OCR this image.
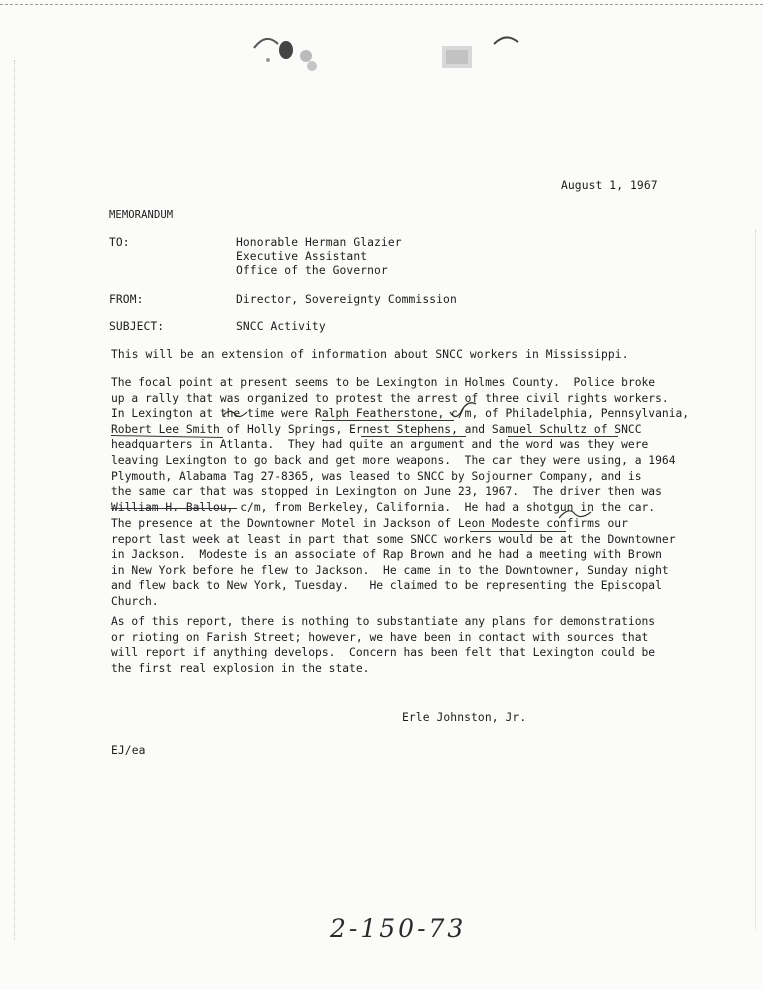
August 1, 1967
MEMORANDUM
TO:	Honorable Herman Glazier
Executive Assistant
Office of the Governor
FROM:	Director, Sovereignty Commission
SUBJECT:	SNCC Activity
This will be an extension of information about SNCC workers in Mississippi.
The focal point at present seems to be Lexington in Holmes County.  Police broke
up a rally that was organized to protest the arrest of three civil rights workers.
In Lexington at the time were Ralph Featherstone, c/m, of Philadelphia, Pennsylvania,
Robert Lee Smith of Holly Springs, Ernest Stephens, and Samuel Schultz of SNCC
headquarters in Atlanta.  They had quite an argument and the word was they were
leaving Lexington to go back and get more weapons.  The car they were using, a 1964
Plymouth, Alabama Tag 27-8365, was leased to SNCC by Sojourner Company, and is
the same car that was stopped in Lexington on June 23, 1967.  The driver then was
William H. Ballou, c/m, from Berkeley, California.  He had a shotgun in the car.
The presence at the Downtowner Motel in Jackson of Leon Modeste confirms our
report last week at least in part that some SNCC workers would be at the Downtowner
in Jackson.  Modeste is an associate of Rap Brown and he had a meeting with Brown
in New York before he flew to Jackson.  He came in to the Downtowner, Sunday night
and flew back to New York, Tuesday.   He claimed to be representing the Episcopal
Church.
As of this report, there is nothing to substantiate any plans for demonstrations
or rioting on Farish Street; however, we have been in contact with sources that
will report if anything develops.  Concern has been felt that Lexington could be
the first real explosion in the state.
Erle Johnston, Jr.
EJ/ea
2-150-73
